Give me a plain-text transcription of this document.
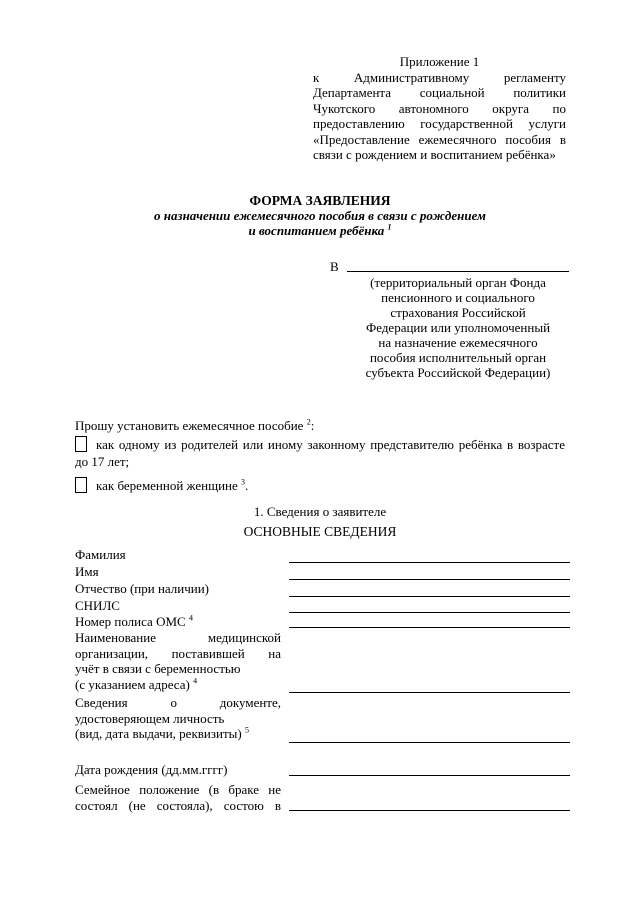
Приложение 1
к Административному регламенту
Департамента социальной политики
Чукотского автономного округа по
предоставлению государственной услуги
«Предоставление ежемесячного пособия в
связи с рождением и воспитанием ребёнка»
ФОРМА ЗАЯВЛЕНИЯ
о назначении ежемесячного пособия в связи с рождением
и воспитанием ребёнка $^1$
В
(территориальный орган Фонда
пенсионного и социального
страхования Российской
Федерации или уполномоченный
на назначение ежемесячного
пособия исполнительный орган
субъекта Российской Федерации)
Прошу установить ежемесячное пособие $^2$:
как одному из родителей или иному законному представителю ребёнка в возрасте до 17 лет;
как беременной женщине $^3$.
1. Сведения о заявителе
ОСНОВНЫЕ СВЕДЕНИЯ
Фамилия
Имя
Отчество (при наличии)
СНИЛС
Номер полиса ОМС $^4$
Наименование медицинской
организации, поставившей на
учёт в связи с беременностью
(с указанием адреса) $^4$
Сведения о документе,
удостоверяющем личность
(вид, дата выдачи, реквизиты) $^5$
Дата рождения (дд.мм.гггг)
Семейное положение (в браке не
состоял (не состояла), состою в
